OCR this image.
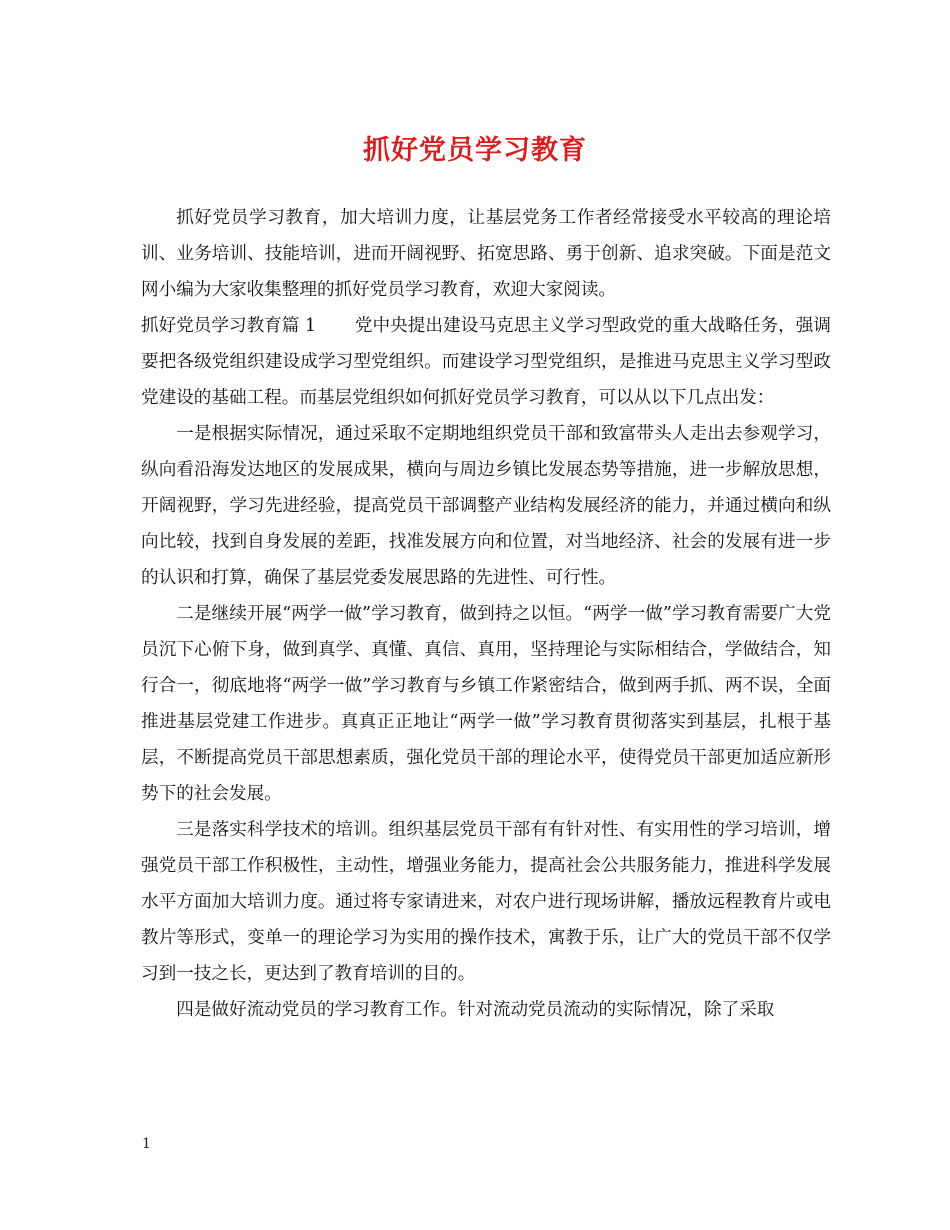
抓好党员学习教育

抓好党员学习教育，加大培训力度，让基层党务工作者经常接受水平较高的理论培训、业务培训、技能培训，进而开阔视野、拓宽思路、勇于创新、追求突破。下面是范文网小编为大家收集整理的抓好党员学习教育，欢迎大家阅读。

抓好党员学习教育篇 1 党中央提出建设马克思主义学习型政党的重大战略任务，强调要把各级党组织建设成学习型党组织。而建设学习型党组织，是推进马克思主义学习型政党建设的基础工程。而基层党组织如何抓好党员学习教育，可以从以下几点出发：

一是根据实际情况，通过采取不定期地组织党员干部和致富带头人走出去参观学习，纵向看沿海发达地区的发展成果，横向与周边乡镇比发展态势等措施，进一步解放思想，开阔视野，学习先进经验，提高党员干部调整产业结构发展经济的能力，并通过横向和纵向比较，找到自身发展的差距，找准发展方向和位置，对当地经济、社会的发展有进一步的认识和打算，确保了基层党委发展思路的先进性、可行性。

二是继续开展“两学一做”学习教育，做到持之以恒。“两学一做”学习教育需要广大党员沉下心俯下身，做到真学、真懂、真信、真用，坚持理论与实际相结合，学做结合，知行合一，彻底地将“两学一做”学习教育与乡镇工作紧密结合，做到两手抓、两不误，全面推进基层党建工作进步。真真正正地让“两学一做”学习教育贯彻落实到基层，扎根于基层，不断提高党员干部思想素质，强化党员干部的理论水平，使得党员干部更加适应新形势下的社会发展。

三是落实科学技术的培训。组织基层党员干部有有针对性、有实用性的学习培训，增强党员干部工作积极性，主动性，增强业务能力，提高社会公共服务能力，推进科学发展水平方面加大培训力度。通过将专家请进来，对农户进行现场讲解，播放远程教育片或电教片等形式，变单一的理论学习为实用的操作技术，寓教于乐，让广大的党员干部不仅学习到一技之长，更达到了教育培训的目的。

四是做好流动党员的学习教育工作。针对流动党员流动的实际情况，除了采取

1
